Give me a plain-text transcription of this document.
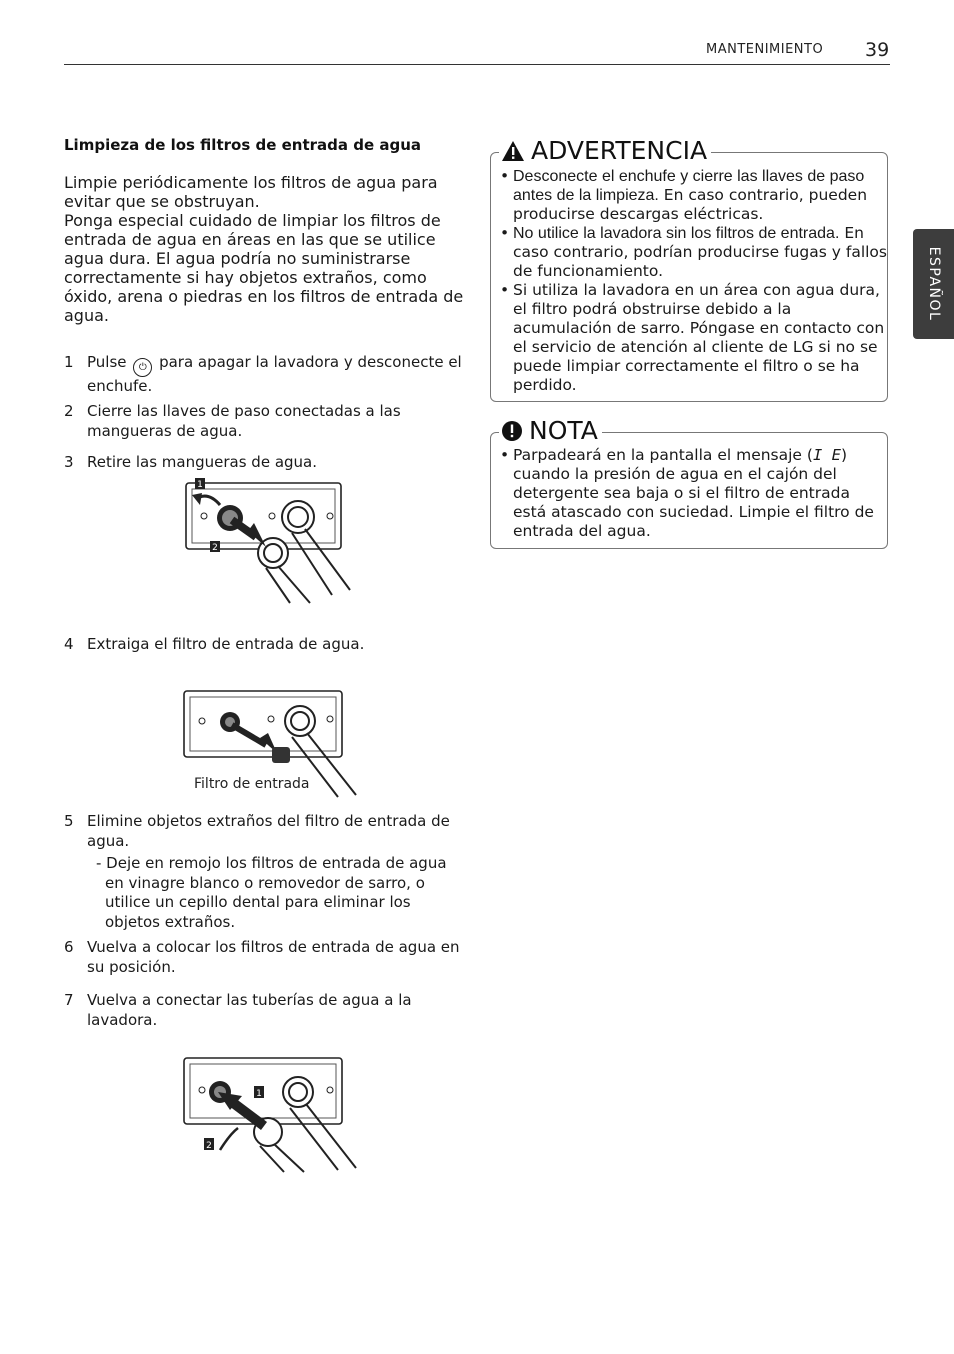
MANTENIMIENTO 39
ESPAÑOL
Limpieza de los filtros de entrada de agua

Limpie periódicamente los filtros de agua para evitar que se obstruyan.

Ponga especial cuidado de limpiar los filtros de entrada de agua en áreas en las que se utilice agua dura. El agua podría no suministrarse correctamente si hay objetos extraños, como óxido, arena o piedras en los filtros de entrada de agua.

1 Pulse ⏻ para apagar la lavadora y desconecte el enchufe.
2 Cierre las llaves de paso conectadas a las mangueras de agua.
3 Retire las mangueras de agua.
1
2
4 Extraiga el filtro de entrada de agua.
Filtro de entrada
5 Elimine objetos extraños del filtro de entrada de agua.
- Deje en remojo los filtros de entrada de agua en vinagre blanco o removedor de sarro, o utilice un cepillo dental para eliminar los objetos extraños.
6 Vuelva a colocar los filtros de entrada de agua en su posición.
7 Vuelva a conectar las tuberías de agua a la lavadora.
1
2
ADVERTENCIA
• Desconecte el enchufe y cierre las llaves de paso antes de la limpieza. En caso contrario, pueden producirse descargas eléctricas.
• No utilice la lavadora sin los filtros de entrada. En caso contrario, podrían producirse fugas y fallos de funcionamiento.
• Si utiliza la lavadora en un área con agua dura, el filtro podrá obstruirse debido a la acumulación de sarro. Póngase en contacto con el servicio de atención al cliente de LG si no se puede limpiar correctamente el filtro o se ha perdido.
NOTA
• Parpadeará en la pantalla el mensaje (I E) cuando la presión de agua en el cajón del detergente sea baja o si el filtro de entrada está atascado con suciedad. Limpie el filtro de entrada del agua.
